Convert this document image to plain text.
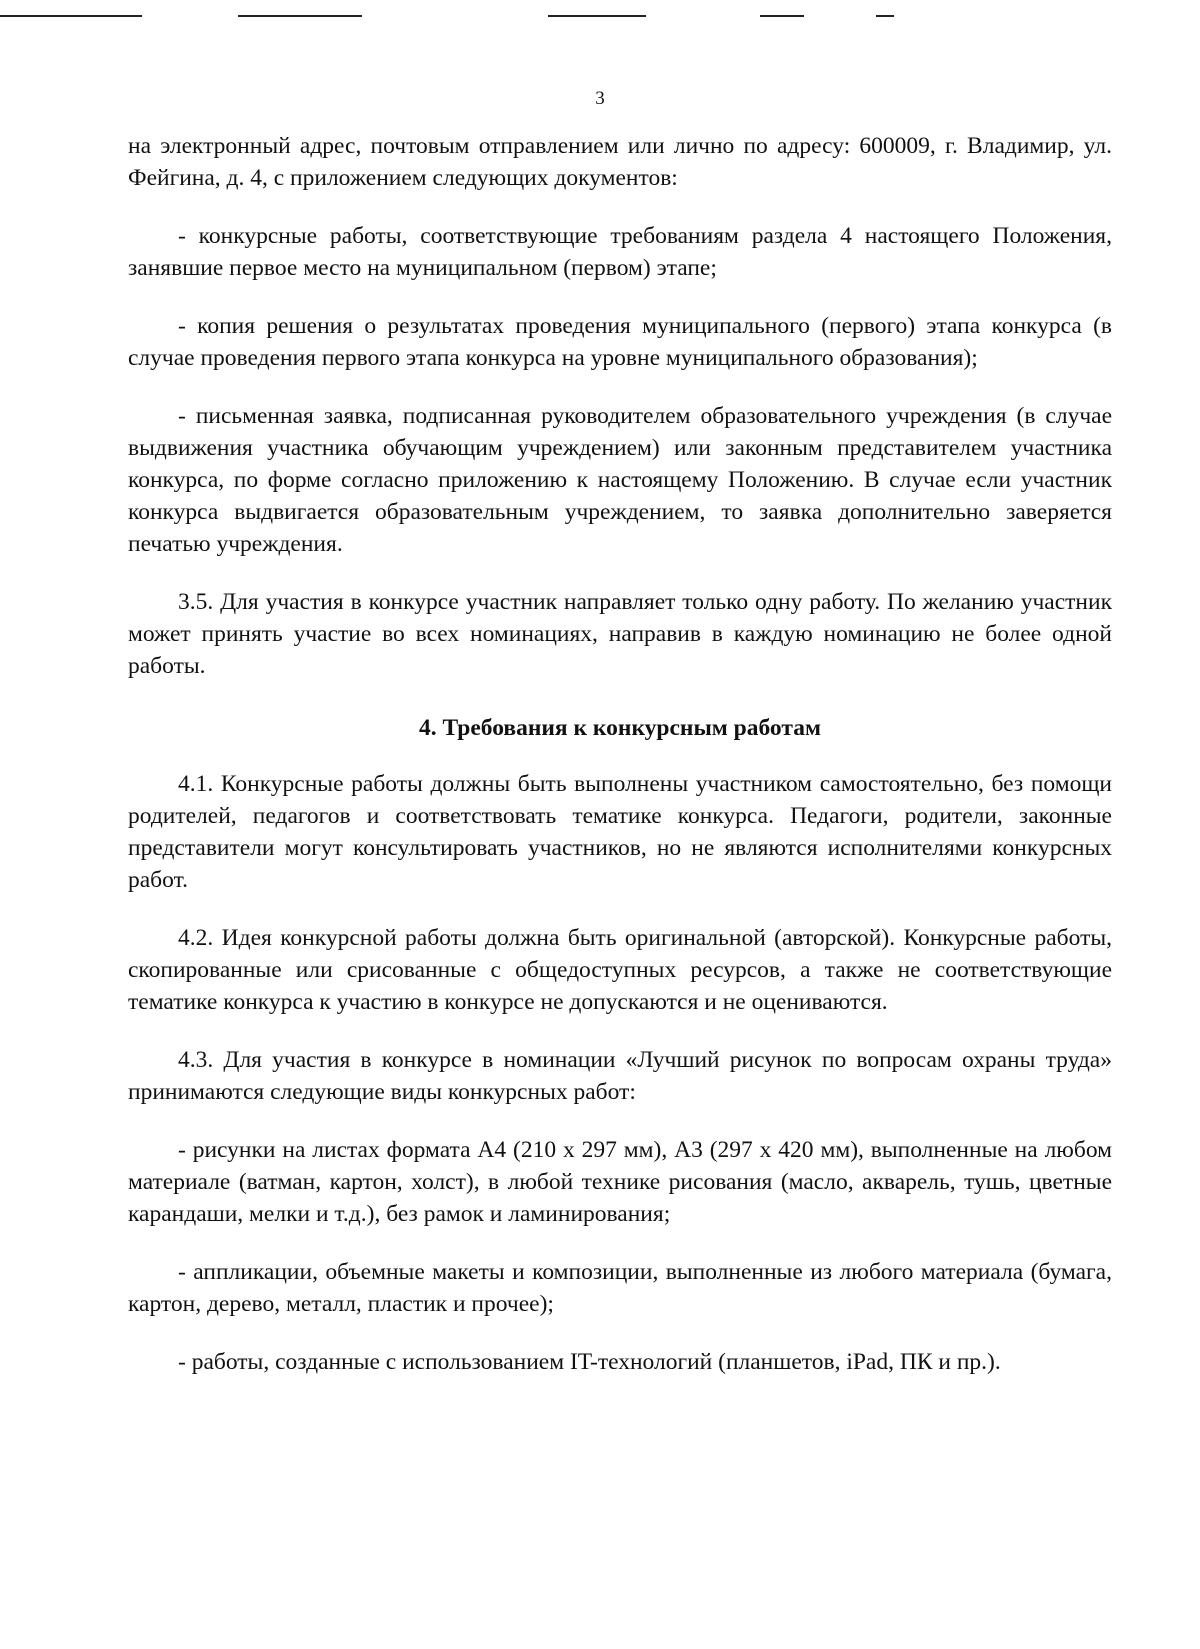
3

на электронный адрес, почтовым отправлением или лично по адресу: 600009, г. Владимир, ул. Фейгина, д. 4, с приложением следующих документов:

- конкурсные работы, соответствующие требованиям раздела 4 настоящего Положения, занявшие первое место на муниципальном (первом) этапе;

- копия решения о результатах проведения муниципального (первого) этапа конкурса (в случае проведения первого этапа конкурса на уровне муниципального образования);

- письменная заявка, подписанная руководителем образовательного учреждения (в случае выдвижения участника обучающим учреждением) или законным представителем участника конкурса, по форме согласно приложению к настоящему Положению. В случае если участник конкурса выдвигается образовательным учреждением, то заявка дополнительно заверяется печатью учреждения.

3.5. Для участия в конкурсе участник направляет только одну работу. По желанию участник может принять участие во всех номинациях, направив в каждую номинацию не более одной работы.

4. Требования к конкурсным работам

4.1. Конкурсные работы должны быть выполнены участником самостоятельно, без помощи родителей, педагогов и соответствовать тематике конкурса. Педагоги, родители, законные представители могут консультировать участников, но не являются исполнителями конкурсных работ.

4.2. Идея конкурсной работы должна быть оригинальной (авторской). Конкурсные работы, скопированные или срисованные с общедоступных ресурсов, а также не соответствующие тематике конкурса к участию в конкурсе не допускаются и не оцениваются.

4.3. Для участия в конкурсе в номинации «Лучший рисунок по вопросам охраны труда» принимаются следующие виды конкурсных работ:

- рисунки на листах формата А4 (210 х 297 мм), А3 (297 х 420 мм), выполненные на любом материале (ватман, картон, холст), в любой технике рисования (масло, акварель, тушь, цветные карандаши, мелки и т.д.), без рамок и ламинирования;

- аппликации, объемные макеты и композиции, выполненные из любого материала (бумага, картон, дерево, металл, пластик и прочее);

- работы, созданные с использованием IT-технологий (планшетов, iPad, ПК и пр.).
